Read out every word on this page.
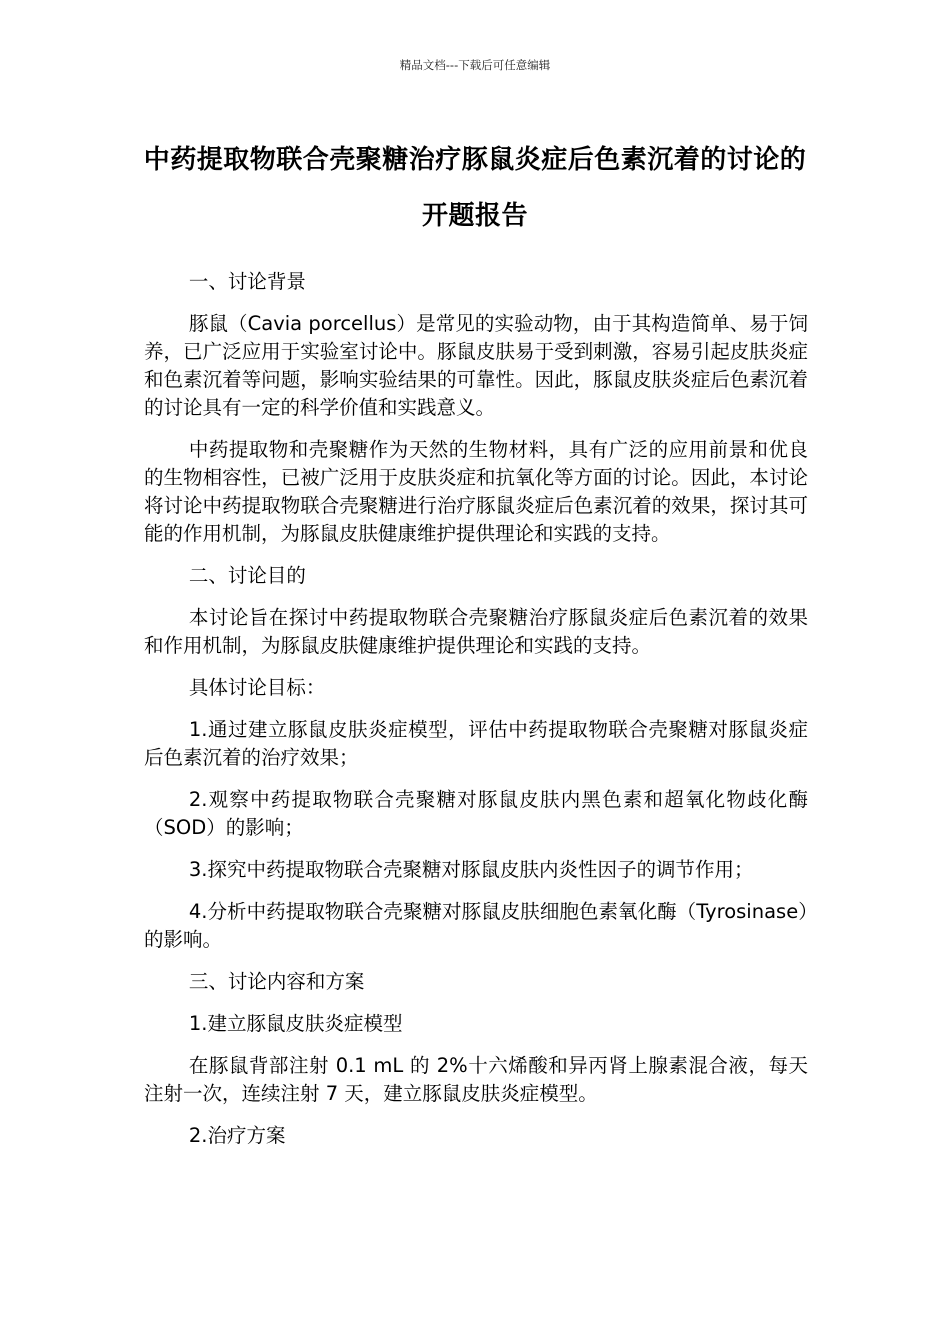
精品文档---下载后可任意编辑
中药提取物联合壳聚糖治疗豚鼠炎症后色素沉着的讨论的开题报告

一、讨论背景

豚鼠（Cavia porcellus）是常见的实验动物，由于其构造简单、易于饲养，已广泛应用于实验室讨论中。豚鼠皮肤易于受到刺激，容易引起皮肤炎症和色素沉着等问题，影响实验结果的可靠性。因此，豚鼠皮肤炎症后色素沉着的讨论具有一定的科学价值和实践意义。

中药提取物和壳聚糖作为天然的生物材料，具有广泛的应用前景和优良的生物相容性，已被广泛用于皮肤炎症和抗氧化等方面的讨论。因此，本讨论将讨论中药提取物联合壳聚糖进行治疗豚鼠炎症后色素沉着的效果，探讨其可能的作用机制，为豚鼠皮肤健康维护提供理论和实践的支持。

二、讨论目的

本讨论旨在探讨中药提取物联合壳聚糖治疗豚鼠炎症后色素沉着的效果和作用机制，为豚鼠皮肤健康维护提供理论和实践的支持。

具体讨论目标：

1.通过建立豚鼠皮肤炎症模型，评估中药提取物联合壳聚糖对豚鼠炎症后色素沉着的治疗效果；

2.观察中药提取物联合壳聚糖对豚鼠皮肤内黑色素和超氧化物歧化酶（SOD）的影响；

3.探究中药提取物联合壳聚糖对豚鼠皮肤内炎性因子的调节作用；

4.分析中药提取物联合壳聚糖对豚鼠皮肤细胞色素氧化酶（Tyrosinase）的影响。

三、讨论内容和方案

1.建立豚鼠皮肤炎症模型

在豚鼠背部注射 0.1 mL 的 2%十六烯酸和异丙肾上腺素混合液，每天注射一次，连续注射 7 天，建立豚鼠皮肤炎症模型。

2.治疗方案
